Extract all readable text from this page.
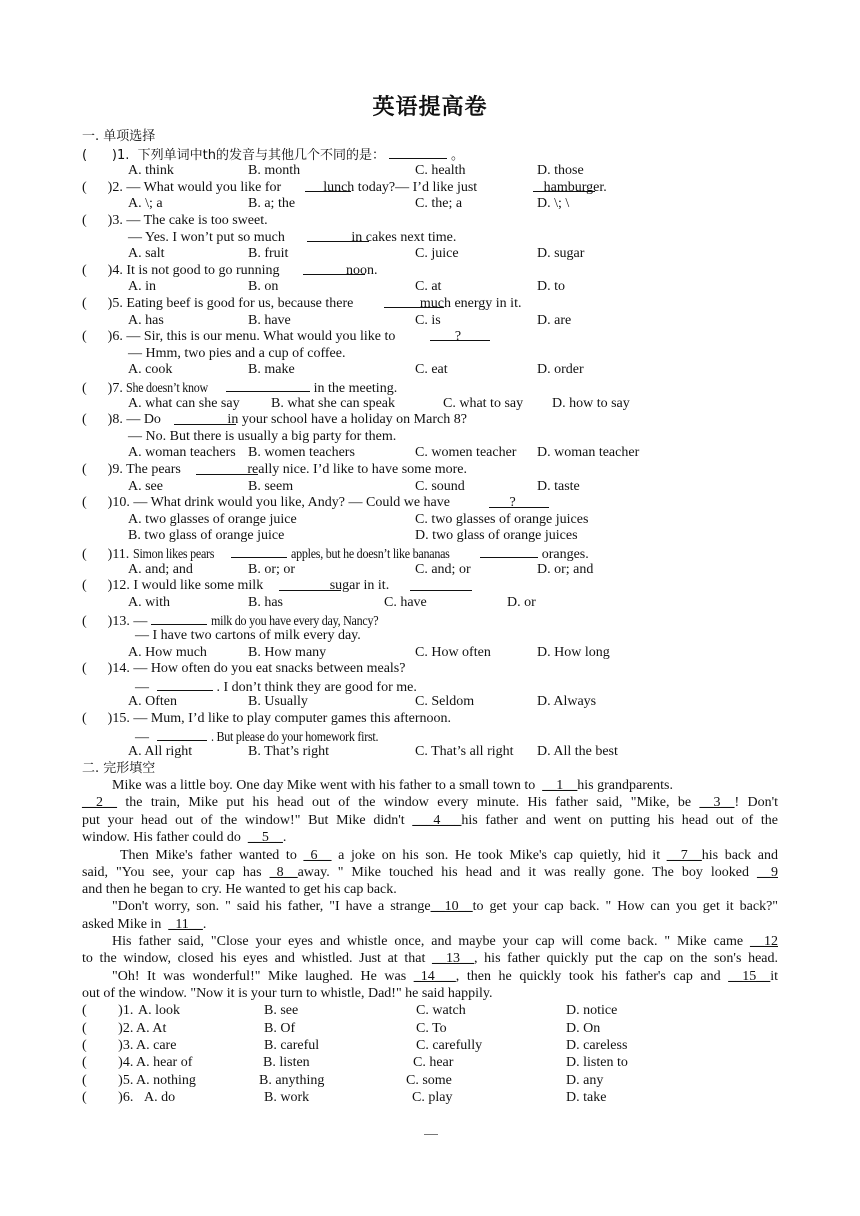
英语提高卷
一. 单项选择
(      )1.  下列单词中th的发音与其他几个不同的是：	。
A. think	B. month	C. health	D. those
(      )2. — What would you like for            lunch today?— I’d like just                   hamburger.
A. \; a	B. a; the	C. the; a	D. \; \
(      )3. — The cake is too sweet.
— Yes. I won’t put so much                   in cakes next time.
A. salt	B. fruit	C. juice	D. sugar
(      )4. It is not good to go running                   noon.
A. in	B. on	C. at	D. to
(      )5. Eating beef is good for us, because there                   much energy in it.
A. has	B. have	C. is	D. are
(      )6. — Sir, this is our menu. What would you like to                 ?
— Hmm, two pies and a cup of coffee.
A. cook	B. make	C. eat	D. order
(      )7. She doesn’t know	in the meeting.
A. what can she say B. what she can speak	C. what to say D. how to say
(      )8. — Do                   in your school have a holiday on March 8?
— No. But there is usually a big party for them.
A. woman teachers B. women teachers	C. women teacher D. woman teacher
(      )9. The pears                   really nice. I’d like to have some more.
A. see	B. seem	C. sound	D. taste
(      )10. — What drink would you like, Andy? — Could we have                 ?
A. two glasses of orange juice	C. two glasses of orange juices
B. two glass of orange juice	D. two glass of orange juices
(      )11. Simon likes pears	apples, but he doesn’t like bananas	oranges.
A. and; and	B. or; or	C. and; or	D. or; and
(      )12. I would like some milk                   sugar in it.
A. with	B. has	C. have	D. or
(      )13. —	milk do you have every day, Nancy?
— I have two cartons of milk every day.
A. How much	B. How many	C. How often	D. How long
(      )14. — How often do you eat snacks between meals?
—	. I don’t think they are good for me.
A. Often	B. Usually	C. Seldom	D. Always
(      )15. — Mum, I’d like to play computer games this afternoon.
—	. But please do your homework first.
A. All right	B. That’s right	C. That’s all right D. All the best
二. 完形填空
Mike was a little boy. One day Mike went with his father to a small town to  __1__his grandparents.
__2__ the train, Mike put his head out of the window every minute. His father said, "Mike, be __3__! Don't
put your head out of the window!" But Mike didn't ___4___his father and went on putting his head out of the
window. His father could do  __5__.
Then Mike's father wanted to _6__ a joke on his son. He took Mike's cap quietly, hid it __7__his back and
said, "You see, your cap has _8__away. " Mike touched his head and it was really gone. The boy looked __9
and then he began to cry. He wanted to get his cap back.
"Don't worry, son. " said his father, "I have a strange__10__to get your cap back. " How can you get it back?"
asked Mike in  _11__.
His father said, "Close your eyes and whistle once, and maybe your cap will come back. " Mike came __12
to the window, closed his eyes and whistled. Just at that __13__, his father quickly put the cap on the son's head.
"Oh! It was wonderful!" Mike laughed. He was _14___, then he quickly took his father's cap and __15__it
out of the window. "Now it is your turn to whistle, Dad!" he said happily.
(         )1. A. look	B. see	C. watch	D. notice
(         )2. A. At	B. Of	C. To	D. On
(         )3. A. care	B. careful	C. carefully	D. careless
(         )4. A. hear of	B. listen	C. hear	D. listen to
(         )5. A. nothing	B. anything	C. some	D. any
(         )6. A. do	B. work	C. play	D. take
